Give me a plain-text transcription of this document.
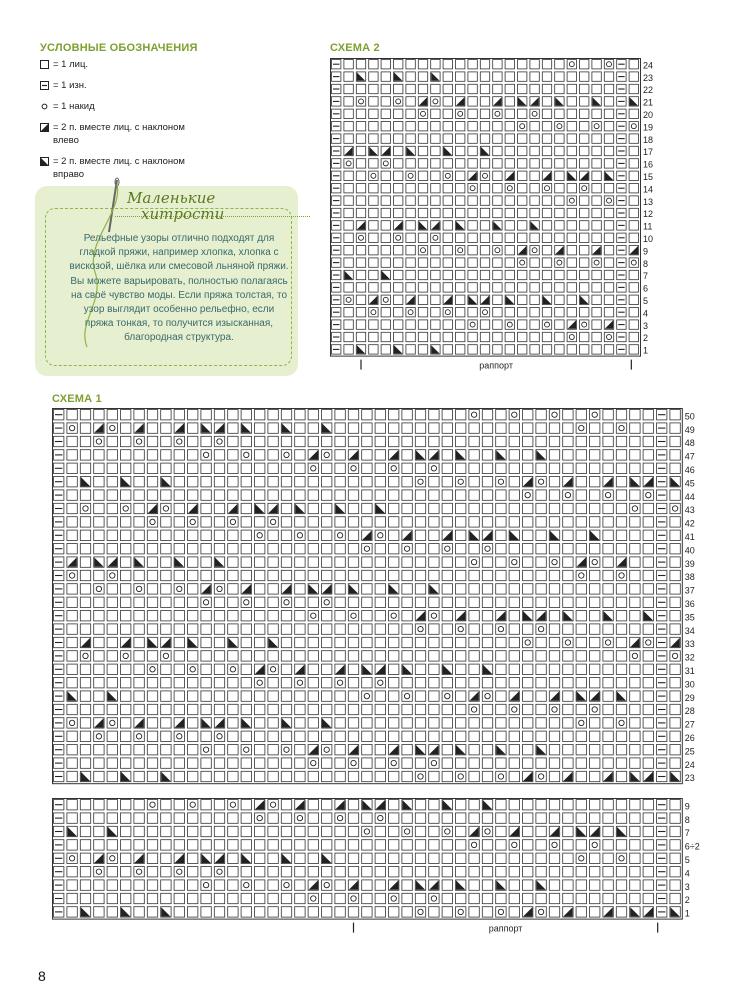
УСЛОВНЫЕ ОБОЗНАЧЕНИЯ
= 1 лиц.
= 1 изн.
= 1 накид
= 2 п. вместе лиц. с наклоном влево
= 2 п. вместе лиц. с наклоном вправо
Маленькие
хитрости
Рельефные узоры отлично подходят для гладкой пряжи, например хлопка, хлопка с вискозой, шёлка или смесовой льняной пряжи. Вы можете варьировать, полностью полагаясь на своё чувство моды. Если пряжа толстая, то узор выглядит особенно рельефно, если пряжа тонкая, то получится изысканная, благородная структура.
СХЕМА 2
24
23
22
21
20
19
18
17
16
15
14
13
12
11
10
9
8
7
6
5
4
3
2
1
раппорт
СХЕМА 1
50
49
48
47
46
45
44
43
42
41
40
39
38
37
36
35
34
33
32
31
30
29
28
27
26
25
24
23
9
8
7
6÷2
5
4
3
2
1
раппорт
8
